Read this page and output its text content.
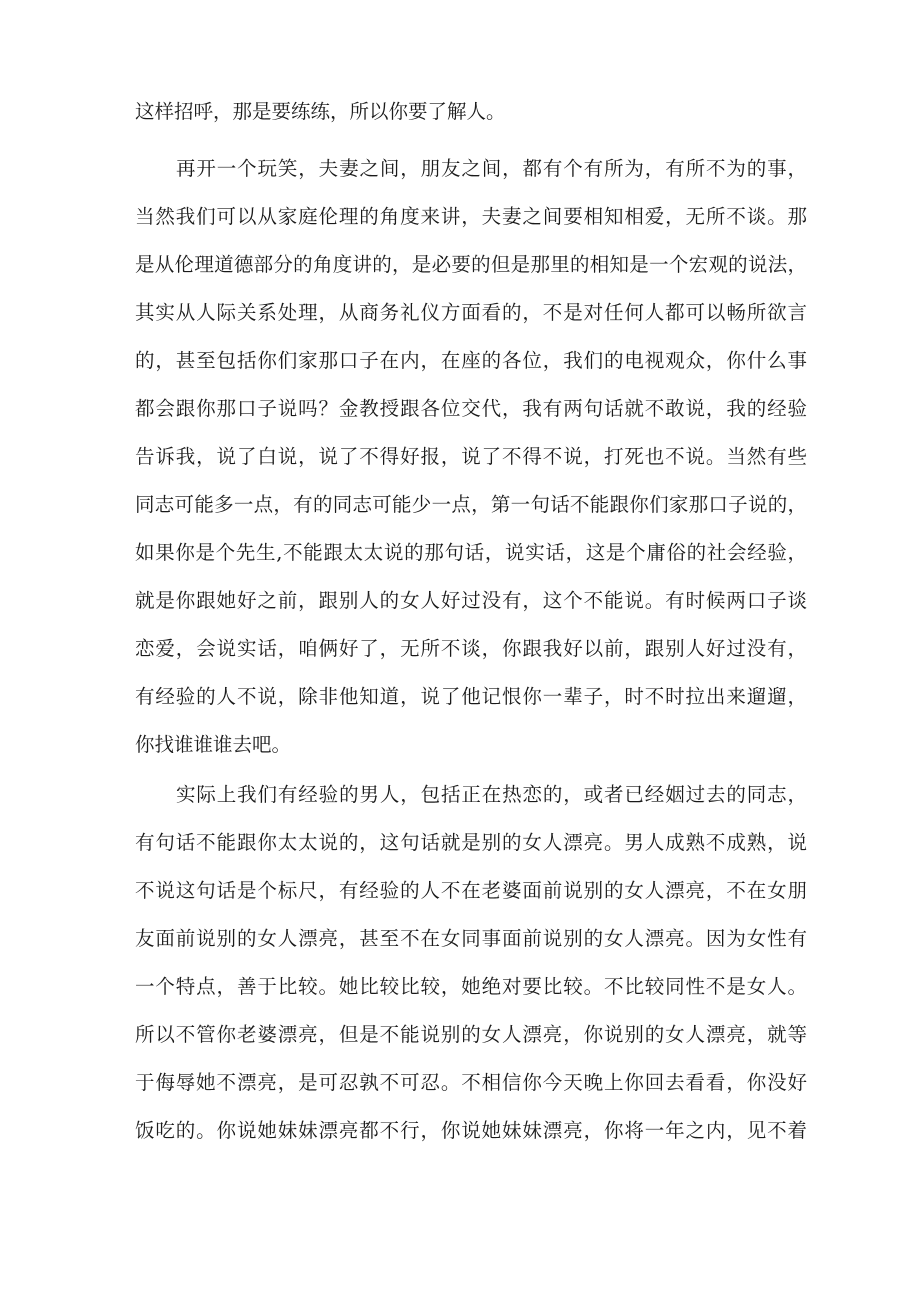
这样招呼，那是要练练，所以你要了解人。
再开一个玩笑，夫妻之间，朋友之间，都有个有所为，有所不为的事，
当然我们可以从家庭伦理的角度来讲，夫妻之间要相知相爱，无所不谈。那
是从伦理道德部分的角度讲的，是必要的但是那里的相知是一个宏观的说法，
其实从人际关系处理，从商务礼仪方面看的，不是对任何人都可以畅所欲言
的，甚至包括你们家那口子在内，在座的各位，我们的电视观众，你什么事
都会跟你那口子说吗？金教授跟各位交代，我有两句话就不敢说，我的经验
告诉我，说了白说，说了不得好报，说了不得不说，打死也不说。当然有些
同志可能多一点，有的同志可能少一点，第一句话不能跟你们家那口子说的，
如果你是个先生,不能跟太太说的那句话，说实话，这是个庸俗的社会经验，
就是你跟她好之前，跟别人的女人好过没有，这个不能说。有时候两口子谈
恋爱，会说实话，咱俩好了，无所不谈，你跟我好以前，跟别人好过没有，
有经验的人不说，除非他知道，说了他记恨你一辈子，时不时拉出来遛遛，
你找谁谁谁去吧。
实际上我们有经验的男人，包括正在热恋的，或者已经姻过去的同志，
有句话不能跟你太太说的，这句话就是别的女人漂亮。男人成熟不成熟，说
不说这句话是个标尺，有经验的人不在老婆面前说别的女人漂亮，不在女朋
友面前说别的女人漂亮，甚至不在女同事面前说别的女人漂亮。因为女性有
一个特点，善于比较。她比较比较，她绝对要比较。不比较同性不是女人。
所以不管你老婆漂亮，但是不能说别的女人漂亮，你说别的女人漂亮，就等
于侮辱她不漂亮，是可忍孰不可忍。不相信你今天晚上你回去看看，你没好
饭吃的。你说她妹妹漂亮都不行，你说她妹妹漂亮，你将一年之内，见不着
